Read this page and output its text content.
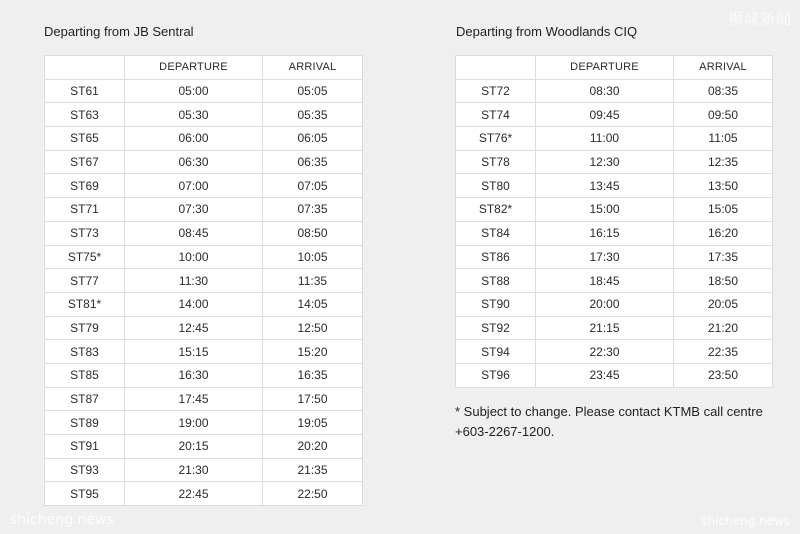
Departing from JB Sentral	Departing from Woodlands CIQ
	DEPARTURE	ARRIVAL
ST61	05:00	05:05
ST63	05:30	05:35
ST65	06:00	06:05
ST67	06:30	06:35
ST69	07:00	07:05
ST71	07:30	07:35
ST73	08:45	08:50
ST75*	10:00	10:05
ST77	11:30	11:35
ST81*	14:00	14:05
ST79	12:45	12:50
ST83	15:15	15:20
ST85	16:30	16:35
ST87	17:45	17:50
ST89	19:00	19:05
ST91	20:15	20:20
ST93	21:30	21:35
ST95	22:45	22:50
	DEPARTURE	ARRIVAL
ST72	08:30	08:35
ST74	09:45	09:50
ST76*	11:00	11:05
ST78	12:30	12:35
ST80	13:45	13:50
ST82*	15:00	15:05
ST84	16:15	16:20
ST86	17:30	17:35
ST88	18:45	18:50
ST90	20:00	20:05
ST92	21:15	21:20
ST94	22:30	22:35
ST96	23:45	23:50
* Subject to change. Please contact KTMB call centre +603-2267-1200.
狮城新闻
shicheng.news	shicheng.news
